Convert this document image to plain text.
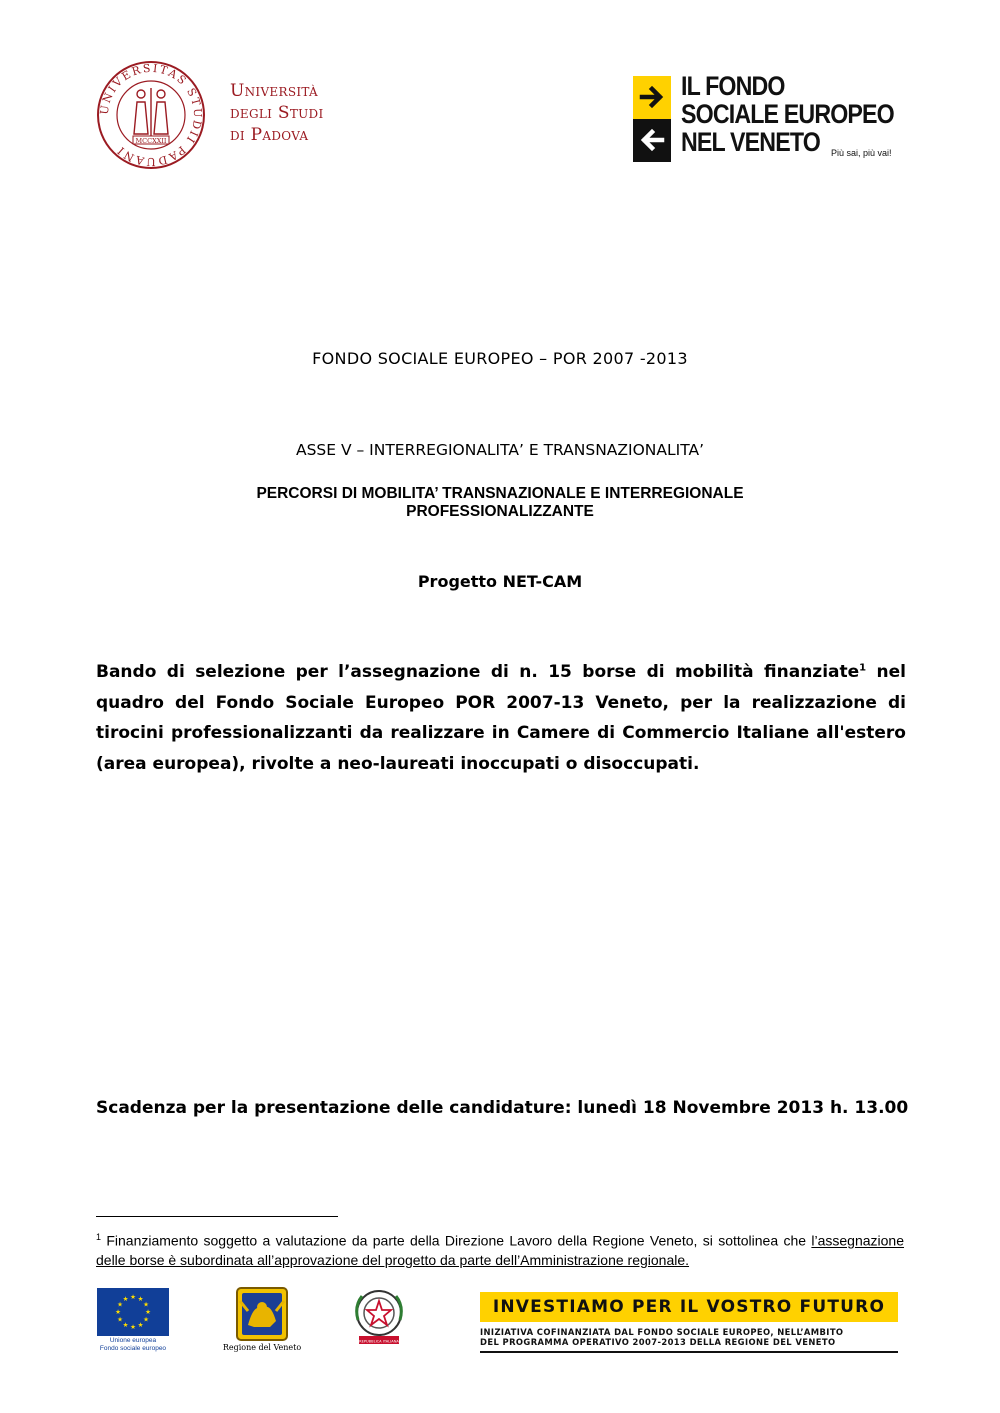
UNIVERSITAS STUDII PADUANI
MCCXXII
Università
degli Studi
di Padova
IL FONDO
SOCIALE EUROPEO
NEL VENETO	Più sai, più vai!
FONDO SOCIALE EUROPEO – POR 2007 -2013
ASSE V – INTERREGIONALITA’ E TRANSNAZIONALITA’
PERCORSI DI MOBILITA’ TRANSNAZIONALE E INTERREGIONALE
PROFESSIONALIZZANTE
Progetto NET-CAM
Bando di selezione per l’assegnazione di n. 15 borse di mobilità finanziate$^1$ nel quadro del Fondo Sociale Europeo POR 2007-13 Veneto, per la realizzazione di tirocini professionalizzanti da realizzare in Camere di Commercio Italiane all'estero (area europea), rivolte a neo-laureati inoccupati o disoccupati.
Scadenza per la presentazione delle candidature: lunedì 18 Novembre 2013 h. 13.00
$^1$ Finanziamento soggetto a valutazione da parte della Direzione Lavoro della Regione Veneto, si sottolinea che l’assegnazione delle borse è subordinata all’approvazione del progetto da parte dell’Amministrazione regionale.
★ ★
★
★
★
★
★
★
★
★
★
★
Unione europea
Fondo sociale europeo	Regione del Veneto
REPUBBLICA ITALIANA
INVESTIAMO PER IL VOSTRO FUTURO
INIZIATIVA COFINANZIATA DAL FONDO SOCIALE EUROPEO, NELL’AMBITO
DEL PROGRAMMA OPERATIVO 2007-2013 DELLA REGIONE DEL VENETO
